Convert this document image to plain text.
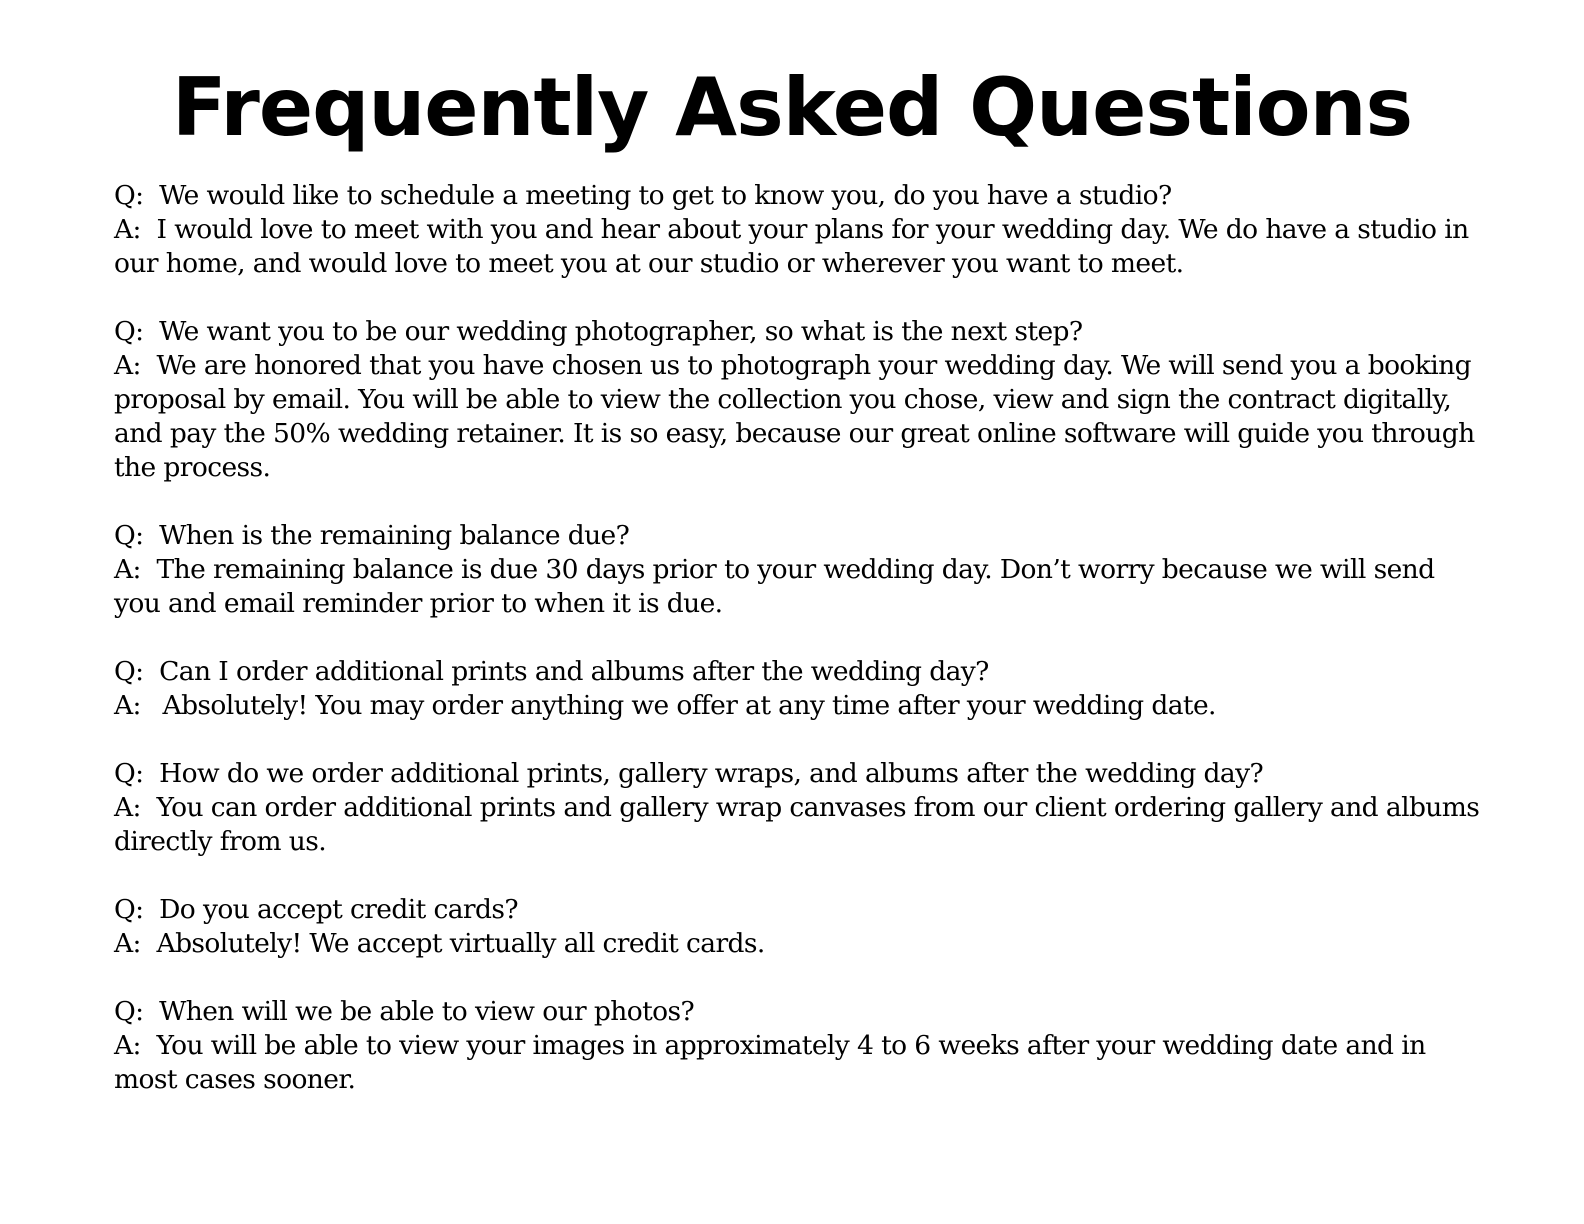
Frequently Asked Questions

Q: We would like to schedule a meeting to get to know you, do you have a studio?

A: I would love to meet with you and hear about your plans for your wedding day. We do have a studio in our home, and would love to meet you at our studio or wherever you want to meet.

Q: We want you to be our wedding photographer, so what is the next step?

A: We are honored that you have chosen us to photograph your wedding day. We will send you a booking proposal by email. You will be able to view the collection you chose, view and sign the contract digitally, and pay the 50% wedding retainer. It is so easy, because our great online software will guide you through the process.

Q: When is the remaining balance due?

A: The remaining balance is due 30 days prior to your wedding day. Don’t worry because we will send you and email reminder prior to when it is due.

Q: Can I order additional prints and albums after the wedding day?

A: Absolutely! You may order anything we offer at any time after your wedding date.

Q: How do we order additional prints, gallery wraps, and albums after the wedding day?

A: You can order additional prints and gallery wrap canvases from our client ordering gallery and albums directly from us.

Q: Do you accept credit cards?

A: Absolutely! We accept virtually all credit cards.

Q: When will we be able to view our photos?

A: You will be able to view your images in approximately 4 to 6 weeks after your wedding date and in most cases sooner.
